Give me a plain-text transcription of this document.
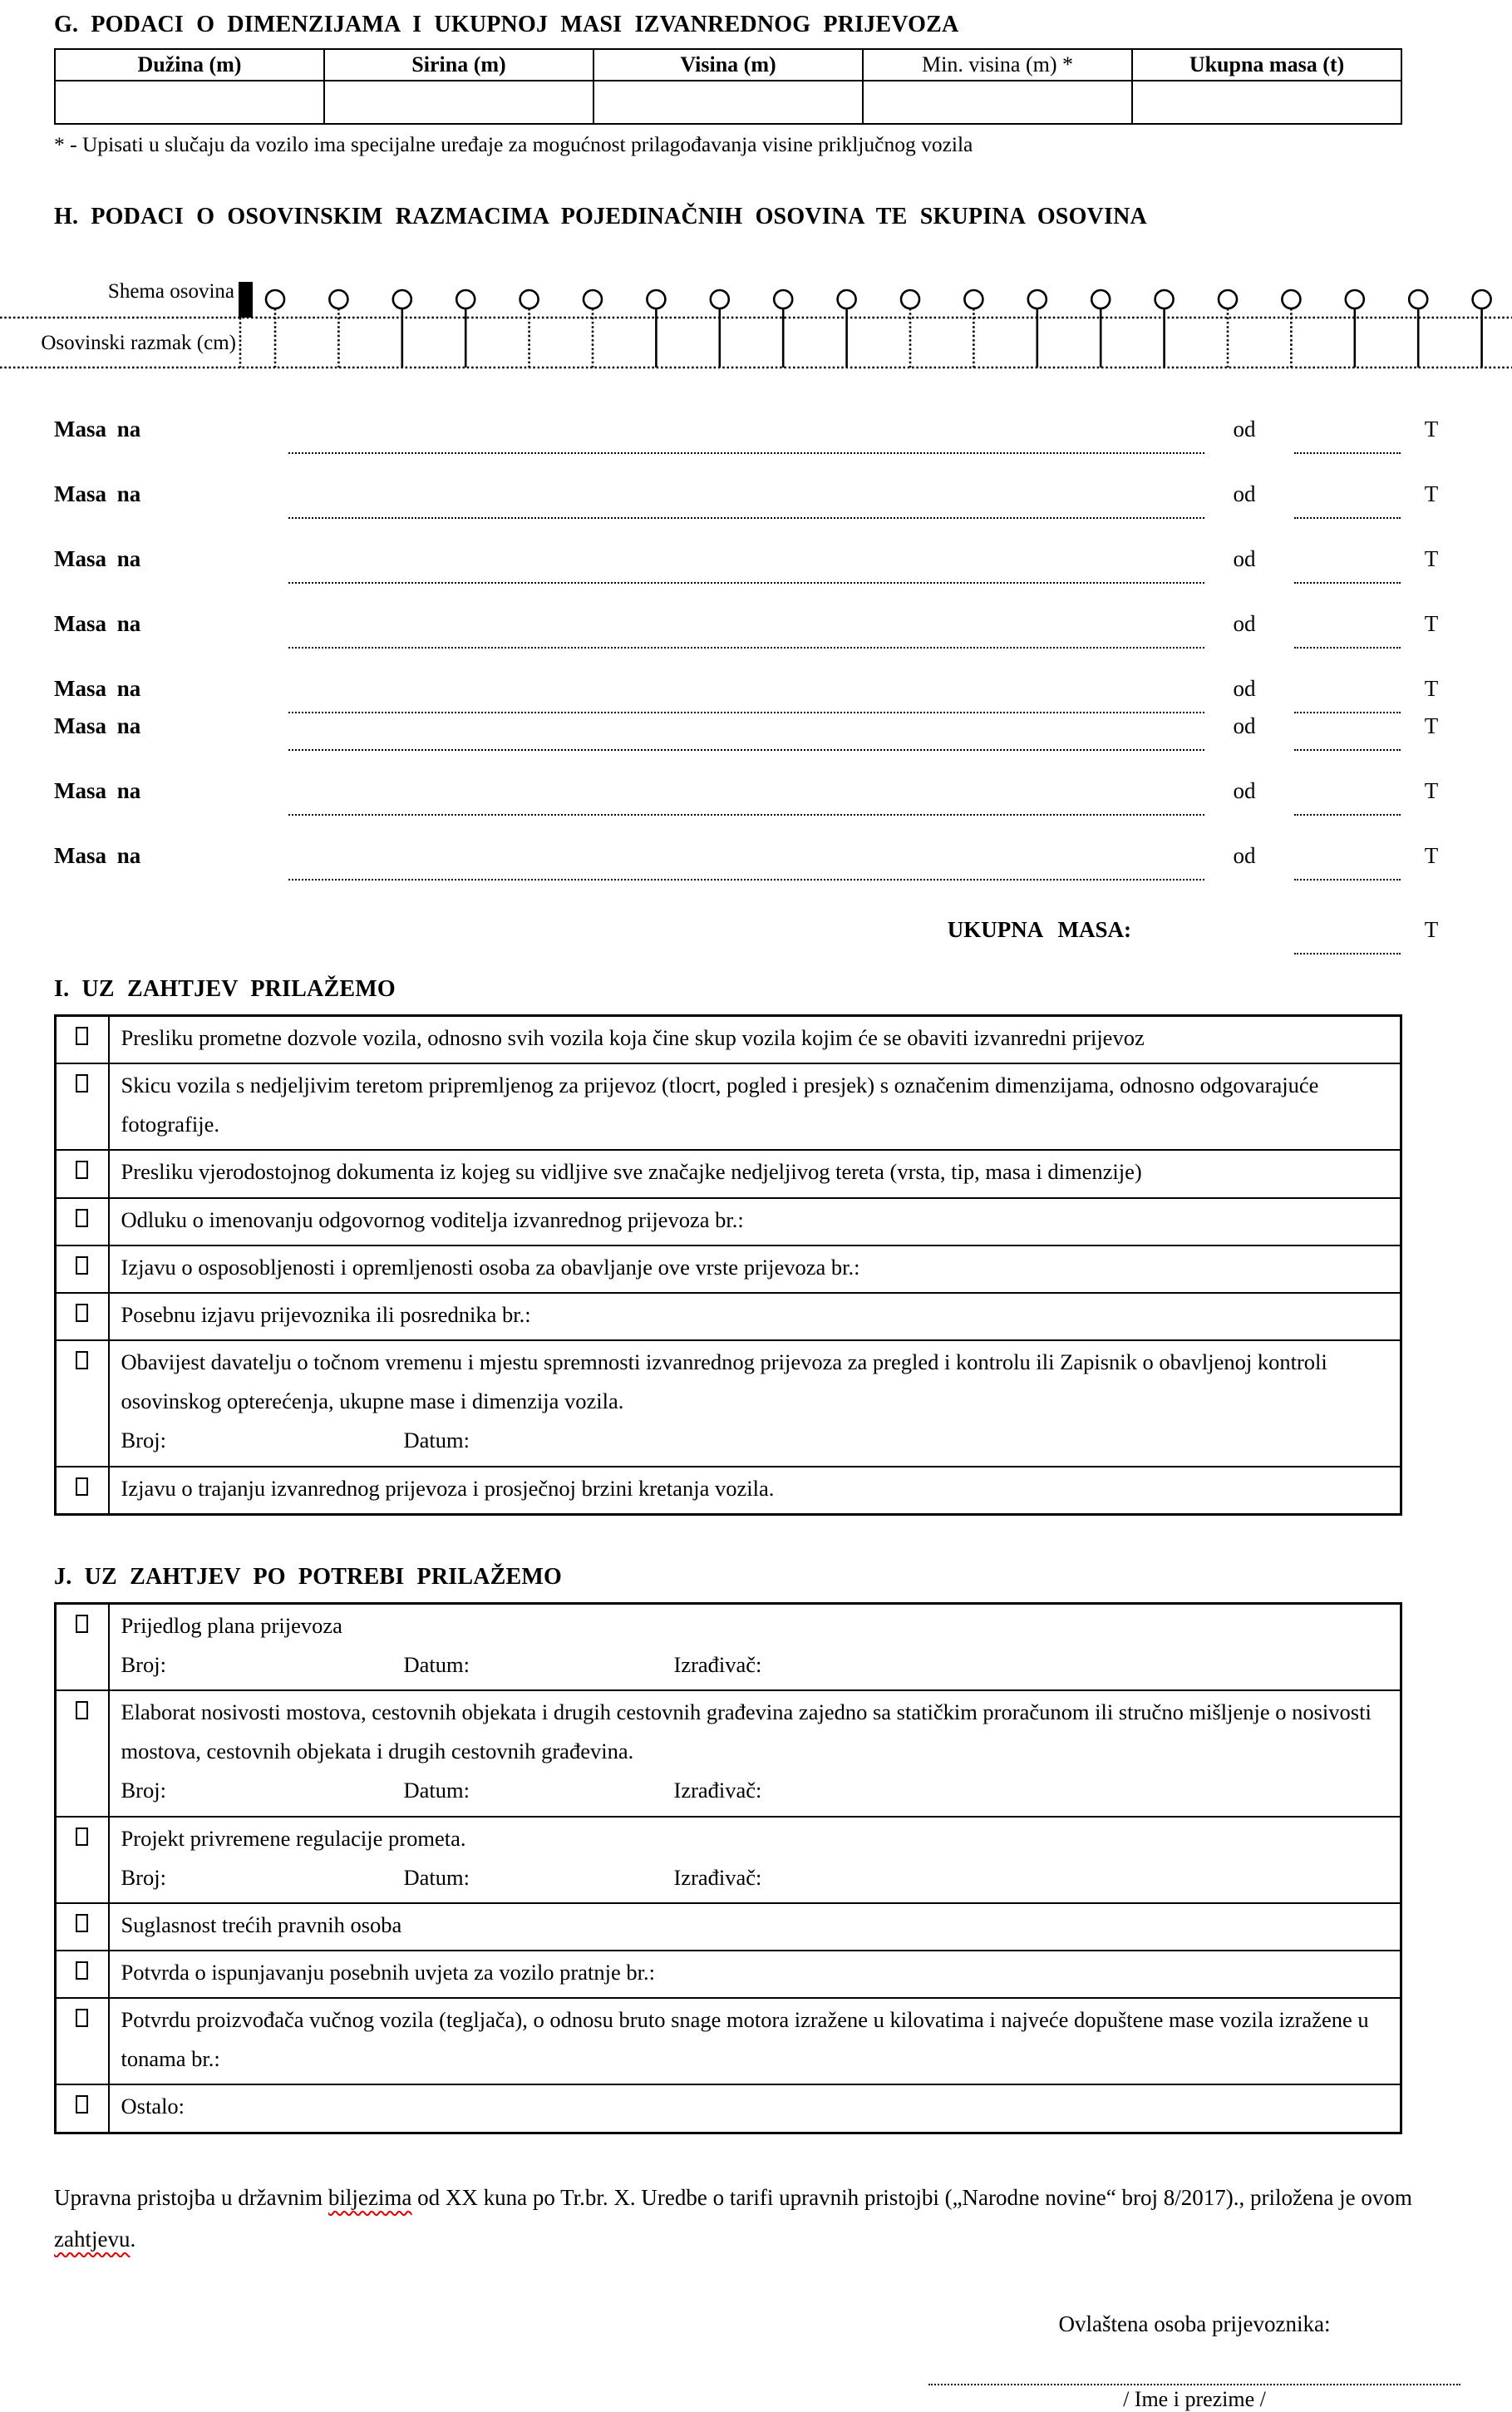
G. PODACI O DIMENZIJAMA I UKUPNOJ MASI IZVANREDNOG PRIJEVOZA
Dužina (m)	Sirina (m)	Visina (m)	Min. visina (m) *	Ukupna masa (t)

* - Upisati u slučaju da vozilo ima specijalne uređaje za mogućnost prilagođavanja visine priključnog vozila
H. PODACI O OSOVINSKIM RAZMACIMA POJEDINAČNIH OSOVINA TE SKUPINA OSOVINA
Shema osovina
Osovinski razmak (cm)
Masa na	od	T
Masa na	od	T
Masa na	od	T
Masa na	od	T
Masa na	od	T
Masa na	od	T
Masa na	od	T
Masa na	od	T
UKUPNA MASA:	T
I. UZ ZAHTJEV PRILAŽEMO

	Presliku prometne dozvole vozila, odnosno svih vozila koja čine skup vozila kojim će se obaviti izvanredni prijevoz

	Skicu vozila s nedjeljivim teretom pripremljenog za prijevoz (tlocrt, pogled i presjek) s označenim dimenzijama, odnosno odgovarajuće fotografije.

	Presliku vjerodostojnog dokumenta iz kojeg su vidljive sve značajke nedjeljivog tereta (vrsta, tip, masa i dimenzije)

	Odluku o imenovanju odgovornog voditelja izvanrednog prijevoza br.:

	Izjavu o osposobljenosti i opremljenosti osoba za obavljanje ove vrste prijevoza br.:

	Posebnu izjavu prijevoznika ili posrednika br.:

	Obavijest davatelju o točnom vremenu i mjestu spremnosti izvanrednog prijevoza za pregled i kontrolu ili Zapisnik o obavljenoj kontroli osovinskog opterećenja, ukupne mase i dimenzija vozila.
Broj: Datum:

	Izjavu o trajanju izvanrednog prijevoza i prosječnoj brzini kretanja vozila.
J. UZ ZAHTJEV PO POTREBI PRILAŽEMO

	Prijedlog plana prijevoza
Broj: Datum: Izrađivač:

	Elaborat nosivosti mostova, cestovnih objekata i drugih cestovnih građevina zajedno sa statičkim proračunom ili stručno mišljenje o nosivosti mostova, cestovnih objekata i drugih cestovnih građevina.
Broj: Datum: Izrađivač:

	Projekt privremene regulacije prometa.
Broj: Datum: Izrađivač:

	Suglasnost trećih pravnih osoba

	Potvrda o ispunjavanju posebnih uvjeta za vozilo pratnje br.:

	Potvrdu proizvođača vučnog vozila (tegljača), o odnosu bruto snage motora izražene u kilovatima i najveće dopuštene mase vozila izražene u tonama br.:

	Ostalo:

Upravna pristojba u državnim biljezima od XX kuna po Tr.br. X. Uredbe o tarifi upravnih pristojbi („Narodne novine“ broj 8/2017)., priložena je ovom zahtjevu.

Ovlaštena osoba prijevoznika:
/ Ime i prezime /
